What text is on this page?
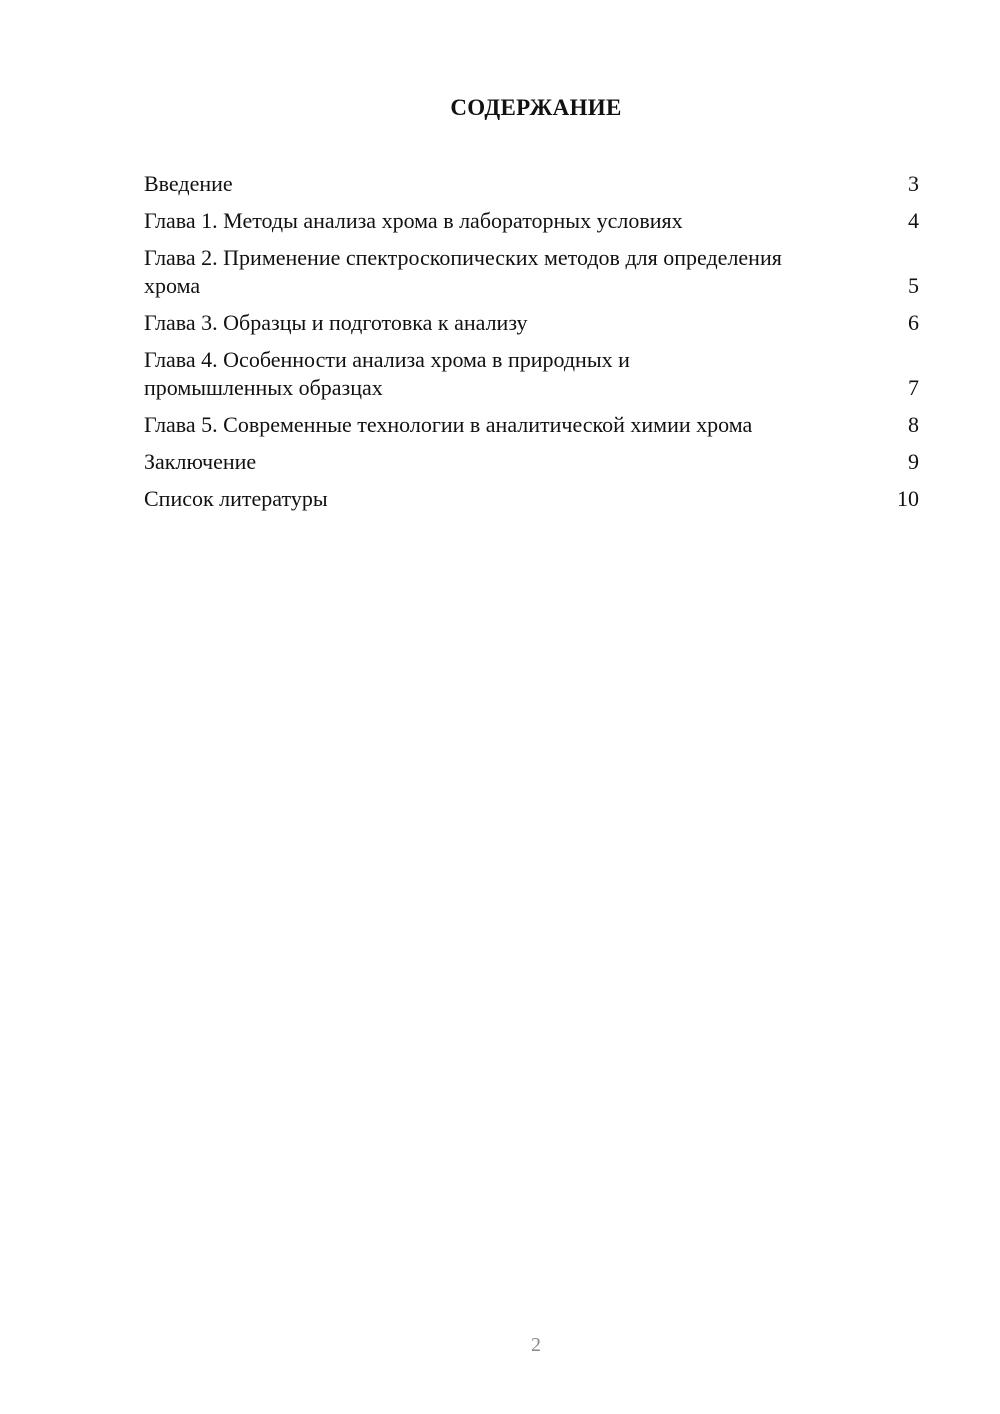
СОДЕРЖАНИЕ
Введение	3
Глава 1. Методы анализа хрома в лабораторных условиях	4
Глава 2. Применение спектроскопических методов для определения хрома	5
Глава 3. Образцы и подготовка к анализу	6
Глава 4. Особенности анализа хрома в природных и промышленных образцах	7
Глава 5. Современные технологии в аналитической химии хрома	8
Заключение	9
Список литературы	10
2
